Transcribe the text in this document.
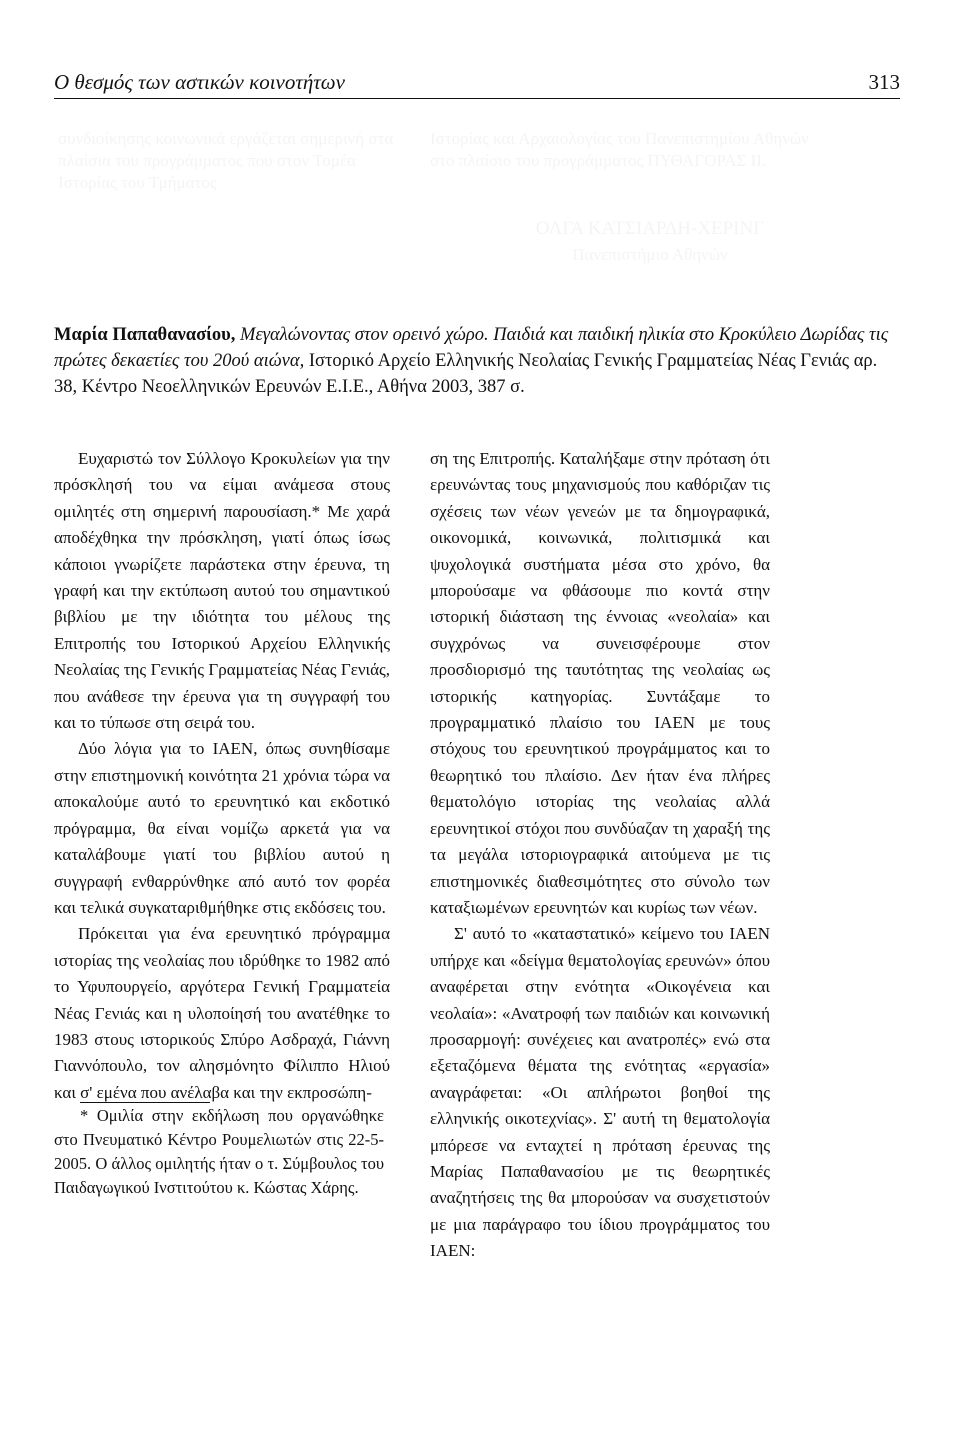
Ο θεσμός των αστικών κοινοτήτων	313
συνδιοίκησης κοινωνικά εργάζεται σημερινή στα πλαίσια του προγράμματος που στον Τομέα Ιστορίας του Τμήματος
Ιστορίας και Αρχαιολογίας του Πανεπιστημίου Αθηνών στο πλαίσιο του προγράμματος ΠΥΘΑΓΟΡΑΣ ΙΙ.
ΟΛΓΑ ΚΑΤΣΙΑΡΔΗ-ΧΕΡΙΝΓ
Πανεπιστήμιο Αθηνών
Μαρία Παπαθανασίου, Μεγαλώνοντας στον ορεινό χώρο. Παιδιά και παιδική ηλικία στο Κροκύλειο Δωρίδας τις πρώτες δεκαετίες του 20ού αιώνα, Ιστορικό Αρχείο Ελληνικής Νεολαίας Γενικής Γραμματείας Νέας Γενιάς αρ. 38, Κέντρο Νεοελληνικών Ερευνών Ε.Ι.Ε., Αθήνα 2003, 387 σ.

Ευχαριστώ τον Σύλλογο Κροκυλείων για την πρόσκλησή του να είμαι ανάμεσα στους ομιλητές στη σημερινή παρουσίαση.* Με χαρά αποδέχθηκα την πρόσκληση, γιατί όπως ίσως κάποιοι γνωρίζετε παράστεκα στην έρευνα, τη γραφή και την εκτύπωση αυτού του σημαντικού βιβλίου με την ιδιότητα του μέλους της Επιτροπής του Ιστορικού Αρχείου Ελληνικής Νεολαίας της Γενικής Γραμματείας Νέας Γενιάς, που ανάθεσε την έρευνα για τη συγγραφή του και το τύπωσε στη σειρά του.

Δύο λόγια για το ΙΑΕΝ, όπως συνηθίσαμε στην επιστημονική κοινότητα 21 χρόνια τώρα να αποκαλούμε αυτό το ερευνητικό και εκδοτικό πρόγραμμα, θα είναι νομίζω αρκετά για να καταλάβουμε γιατί του βιβλίου αυτού η συγγραφή ενθαρρύνθηκε από αυτό τον φορέα και τελικά συγκαταριθμήθηκε στις εκδόσεις του.

Πρόκειται για ένα ερευνητικό πρόγραμμα ιστορίας της νεολαίας που ιδρύθηκε το 1982 από το Υφυπουργείο, αργότερα Γενική Γραμματεία Νέας Γενιάς και η υλοποίησή του ανατέθηκε το 1983 στους ιστορικούς Σπύρο Ασδραχά, Γιάννη Γιαννόπουλο, τον αλησμόνητο Φίλιππο Ηλιού και σ' εμένα που ανέλαβα και την εκπροσώπη-

ση της Επιτροπής. Καταλήξαμε στην πρόταση ότι ερευνώντας τους μηχανισμούς που καθόριζαν τις σχέσεις των νέων γενεών με τα δημογραφικά, οικονομικά, κοινωνικά, πολιτισμικά και ψυχολογικά συστήματα μέσα στο χρόνο, θα μπορούσαμε να φθάσουμε πιο κοντά στην ιστορική διάσταση της έννοιας «νεολαία» και συγχρόνως να συνεισφέρουμε στον προσδιορισμό της ταυτότητας της νεολαίας ως ιστορικής κατηγορίας. Συντάξαμε το προγραμματικό πλαίσιο του ΙΑΕΝ με τους στόχους του ερευνητικού προγράμματος και το θεωρητικό του πλαίσιο. Δεν ήταν ένα πλήρες θεματολόγιο ιστορίας της νεολαίας αλλά ερευνητικοί στόχοι που συνδύαζαν τη χαραξή της τα μεγάλα ιστοριογραφικά αιτούμενα με τις επιστημονικές διαθεσιμότητες στο σύνολο των καταξιωμένων ερευνητών και κυρίως των νέων.

Σ' αυτό το «καταστατικό» κείμενο του ΙΑΕΝ υπήρχε και «δείγμα θεματολογίας ερευνών» όπου αναφέρεται στην ενότητα «Οικογένεια και νεολαία»: «Ανατροφή των παιδιών και κοινωνική προσαρμογή: συνέχειες και ανατροπές» ενώ στα εξεταζόμενα θέματα της ενότητας «εργασία» αναγράφεται: «Οι απλήρωτοι βοηθοί της ελληνικής οικοτεχνίας». Σ' αυτή τη θεματολογία μπόρεσε να ενταχτεί η πρόταση έρευνας της Μαρίας Παπαθανασίου με τις θεωρητικές αναζητήσεις της θα μπορούσαν να συσχετιστούν με μια παράγραφο του ίδιου προγράμματος του ΙΑΕΝ:

* Ομιλία στην εκδήλωση που οργανώθηκε στο Πνευματικό Κέντρο Ρουμελιωτών στις 22-5-2005. Ο άλλος ομιλητής ήταν ο τ. Σύμβουλος του Παιδαγωγικού Ινστιτούτου κ. Κώστας Χάρης.
